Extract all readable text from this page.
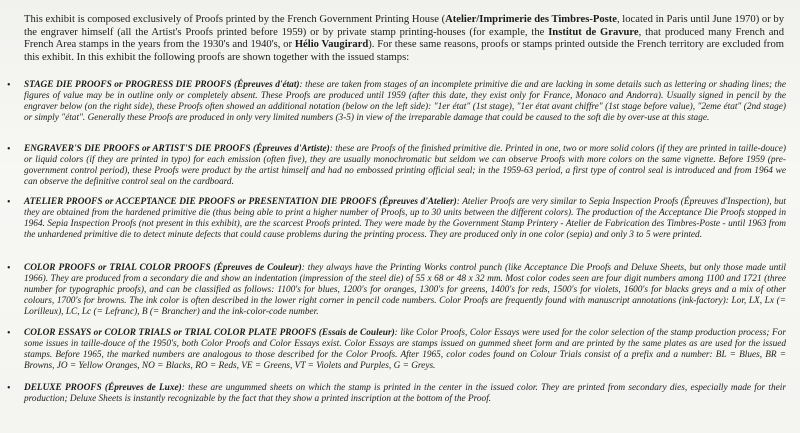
This exhibit is composed exclusively of Proofs printed by the French Government Printing House (Atelier/Imprimerie des Timbres-Poste, located in Paris until June 1970) or by the engraver himself (all the Artist's Proofs printed before 1959) or by private stamp printing-houses (for example, the Institut de Gravure, that produced many French and French Area stamps in the years from the 1930's and 1940's, or Hélio Vaugirard). For these same reasons, proofs or stamps printed outside the French territory are excluded from this exhibit. In this exhibit the following proofs are shown together with the issued stamps:
• STAGE DIE PROOFS or PROGRESS DIE PROOFS (Épreuves d'état): these are taken from stages of an incomplete primitive die and are lacking in some details such as lettering or shading lines; the figures of value may be in outline only or completely absent. These Proofs are produced until 1959 (after this date, they exist only for France, Monaco and Andorra). Usually signed in pencil by the engraver below (on the right side), these Proofs often showed an additional notation (below on the left side): "1er état" (1st stage), "1er état avant chiffre" (1st stage before value), "2eme état" (2nd stage) or simply "état". Generally these Proofs are produced in only very limited numbers (3-5) in view of the irreparable damage that could be caused to the soft die by over-use at this stage.
• ENGRAVER'S DIE PROOFS or ARTIST'S DIE PROOFS (Épreuves d'Artiste): these are Proofs of the finished primitive die. Printed in one, two or more solid colors (if they are printed in taille-douce) or liquid colors (if they are printed in typo) for each emission (often five), they are usually monochromatic but seldom we can observe Proofs with more colors on the same vignette. Before 1959 (pre-government control period), these Proofs were product by the artist himself and had no embossed printing official seal; in the 1959-63 period, a first type of control seal is introduced and from 1964 we can observe the definitive control seal on the cardboard.
• ATELIER PROOFS or ACCEPTANCE DIE PROOFS or PRESENTATION DIE PROOFS (Épreuves d'Atelier): Atelier Proofs are very similar to Sepia Inspection Proofs (Épreuves d'Inspection), but they are obtained from the hardened primitive die (thus being able to print a higher number of Proofs, up to 30 units between the different colors). The production of the Acceptance Die Proofs stopped in 1964. Sepia Inspection Proofs (not present in this exhibit), are the scarcest Proofs printed. They were made by the Government Stamp Printery - Atelier de Fabrication des Timbres-Poste - until 1963 from the unhardened primitive die to detect minute defects that could cause problems during the printing process. They are produced only in one color (sepia) and only 3 to 5 were printed.
• COLOR PROOFS or TRIAL COLOR PROOFS (Épreuves de Couleur): they always have the Printing Works control punch (like Acceptance Die Proofs and Deluxe Sheets, but only those made until 1966). They are produced from a secondary die and show an indentation (impression of the steel die) of 55 x 68 or 48 x 32 mm. Most color codes seen are four digit numbers among 1100 and 1721 (three number for typographic proofs), and can be classified as follows: 1100's for blues, 1200's for oranges, 1300's for greens, 1400's for reds, 1500's for violets, 1600's for blacks greys and a mix of other colours, 1700's for browns. The ink color is often described in the lower right corner in pencil code numbers. Color Proofs are frequently found with manuscript annotations (ink-factory): Lor, LX, Lx (= Lorilleux), LC, Lc (= Lefranc), B (= Brancher) and the ink-color-code number.
• COLOR ESSAYS or COLOR TRIALS or TRIAL COLOR PLATE PROOFS (Essais de Couleur): like Color Proofs, Color Essays were used for the color selection of the stamp production process; For some issues in taille-douce of the 1950's, both Color Proofs and Color Essays exist. Color Essays are stamps issued on gummed sheet form and are printed by the same plates as are used for the issued stamps. Before 1965, the marked numbers are analogous to those described for the Color Proofs. After 1965, color codes found on Colour Trials consist of a prefix and a number: BL = Blues, BR = Browns, JO = Yellow Oranges, NO = Blacks, RO = Reds, VE = Greens, VT = Violets and Purples, G = Greys.
• DELUXE PROOFS (Épreuves de Luxe): these are ungummed sheets on which the stamp is printed in the center in the issued color. They are printed from secondary dies, especially made for their production; Deluxe Sheets is instantly recognizable by the fact that they show a printed inscription at the bottom of the Proof.
